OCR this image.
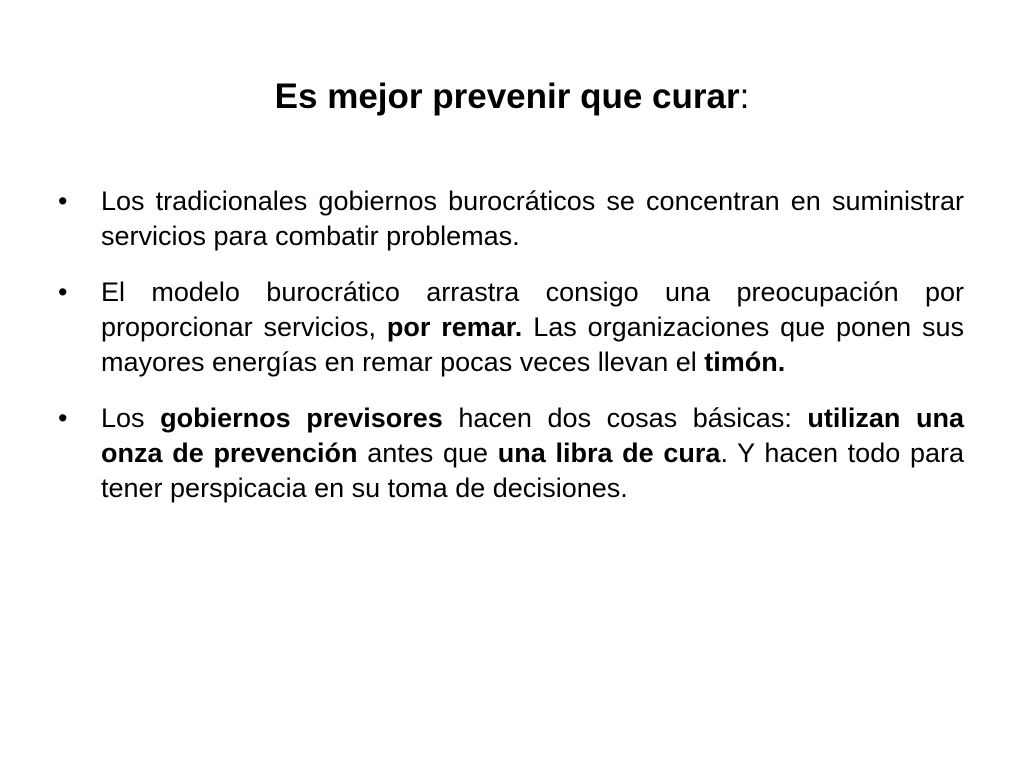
Es mejor prevenir que curar:
•	Los tradicionales gobiernos burocráticos se concentran en suministrar servicios para combatir problemas.
•	El modelo burocrático arrastra consigo una preocupación por proporcionar servicios, por remar. Las organizaciones que ponen sus mayores energías en remar pocas veces llevan el timón.
•	Los gobiernos previsores hacen dos cosas básicas: utilizan una onza de prevención antes que una libra de cura. Y hacen todo para tener perspicacia en su toma de decisiones.
